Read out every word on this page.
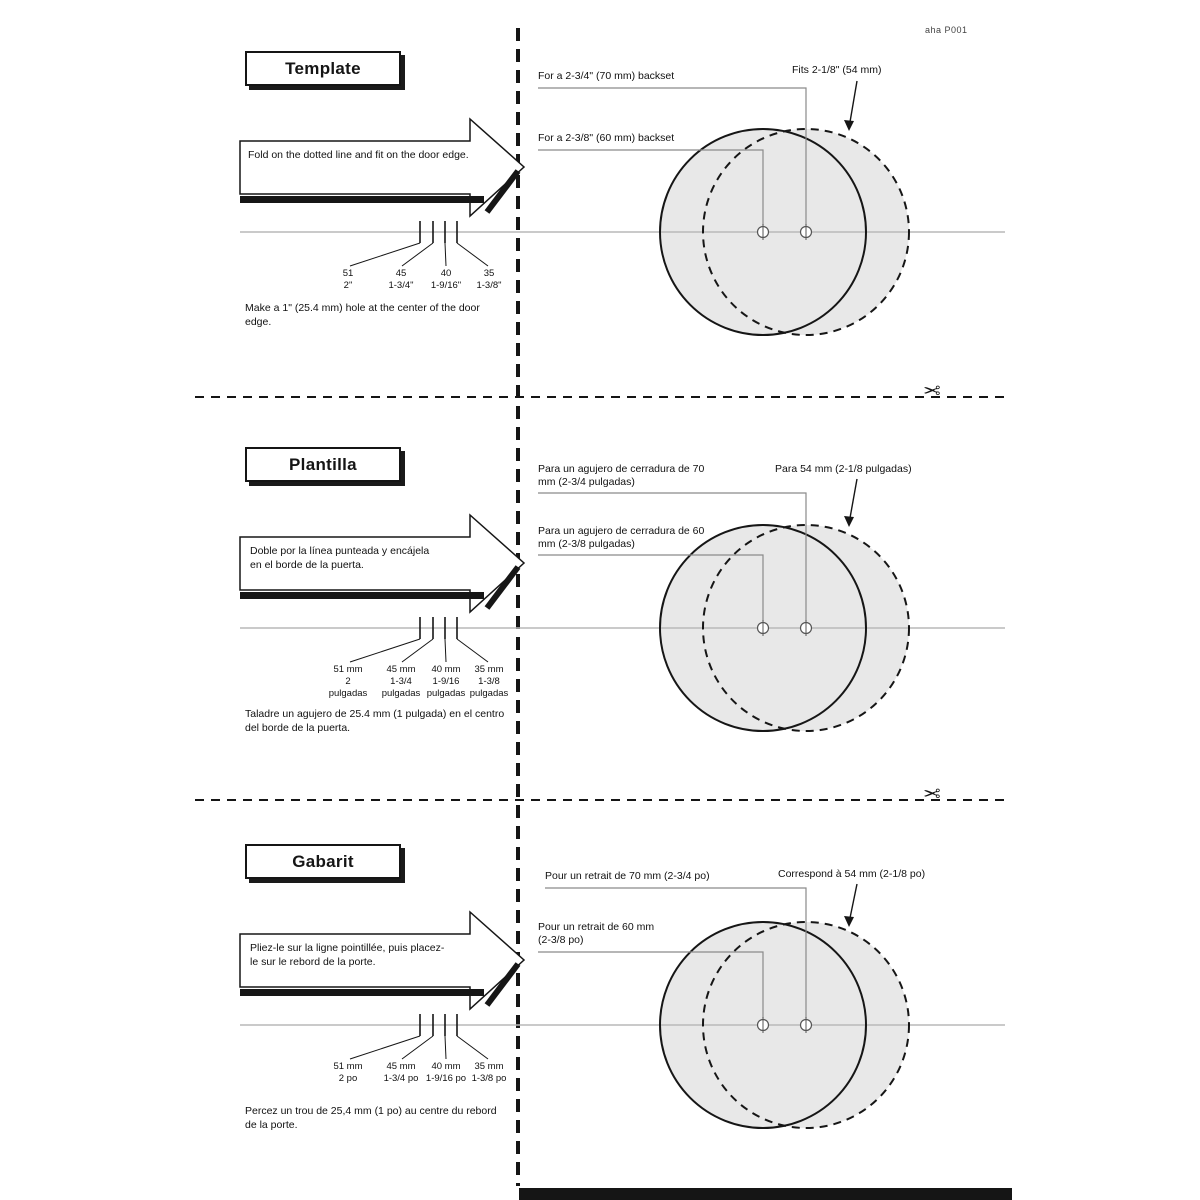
aha P001
Template
Fold on the dotted line and fit on the door edge.
For a 2-3/4" (70 mm) backset
For a 2-3/8" (60 mm) backset
Fits 2-1/8" (54 mm)
51
2"
45
1-3/4"
40
1-9/16"
35
1-3/8"
Make a 1" (25.4 mm) hole at the center of the door edge.
✂
Plantilla
Doble por la línea punteada y encájela en el borde de la puerta.
Para un agujero de cerradura de 70 mm (2-3/4 pulgadas)
Para un agujero de cerradura de 60 mm (2-3/8 pulgadas)
Para 54 mm (2-1/8 pulgadas)
51 mm
2
pulgadas
45 mm
1-3/4
pulgadas
40 mm
1-9/16
pulgadas
35 mm
1-3/8
pulgadas
Taladre un agujero de 25.4 mm (1 pulgada) en el centro del borde de la puerta.
✂
Gabarit
Pliez-le sur la ligne pointillée, puis placez-le sur le rebord de la porte.
Pour un retrait de 70 mm (2-3/4 po)
Pour un retrait de 60 mm (2-3/8 po)
Correspond à 54 mm (2-1/8 po)
51 mm
2 po
45 mm
1-3/4 po
40 mm
1-9/16 po
35 mm
1-3/8 po
Percez un trou de 25,4 mm (1 po) au centre du rebord de la porte.
